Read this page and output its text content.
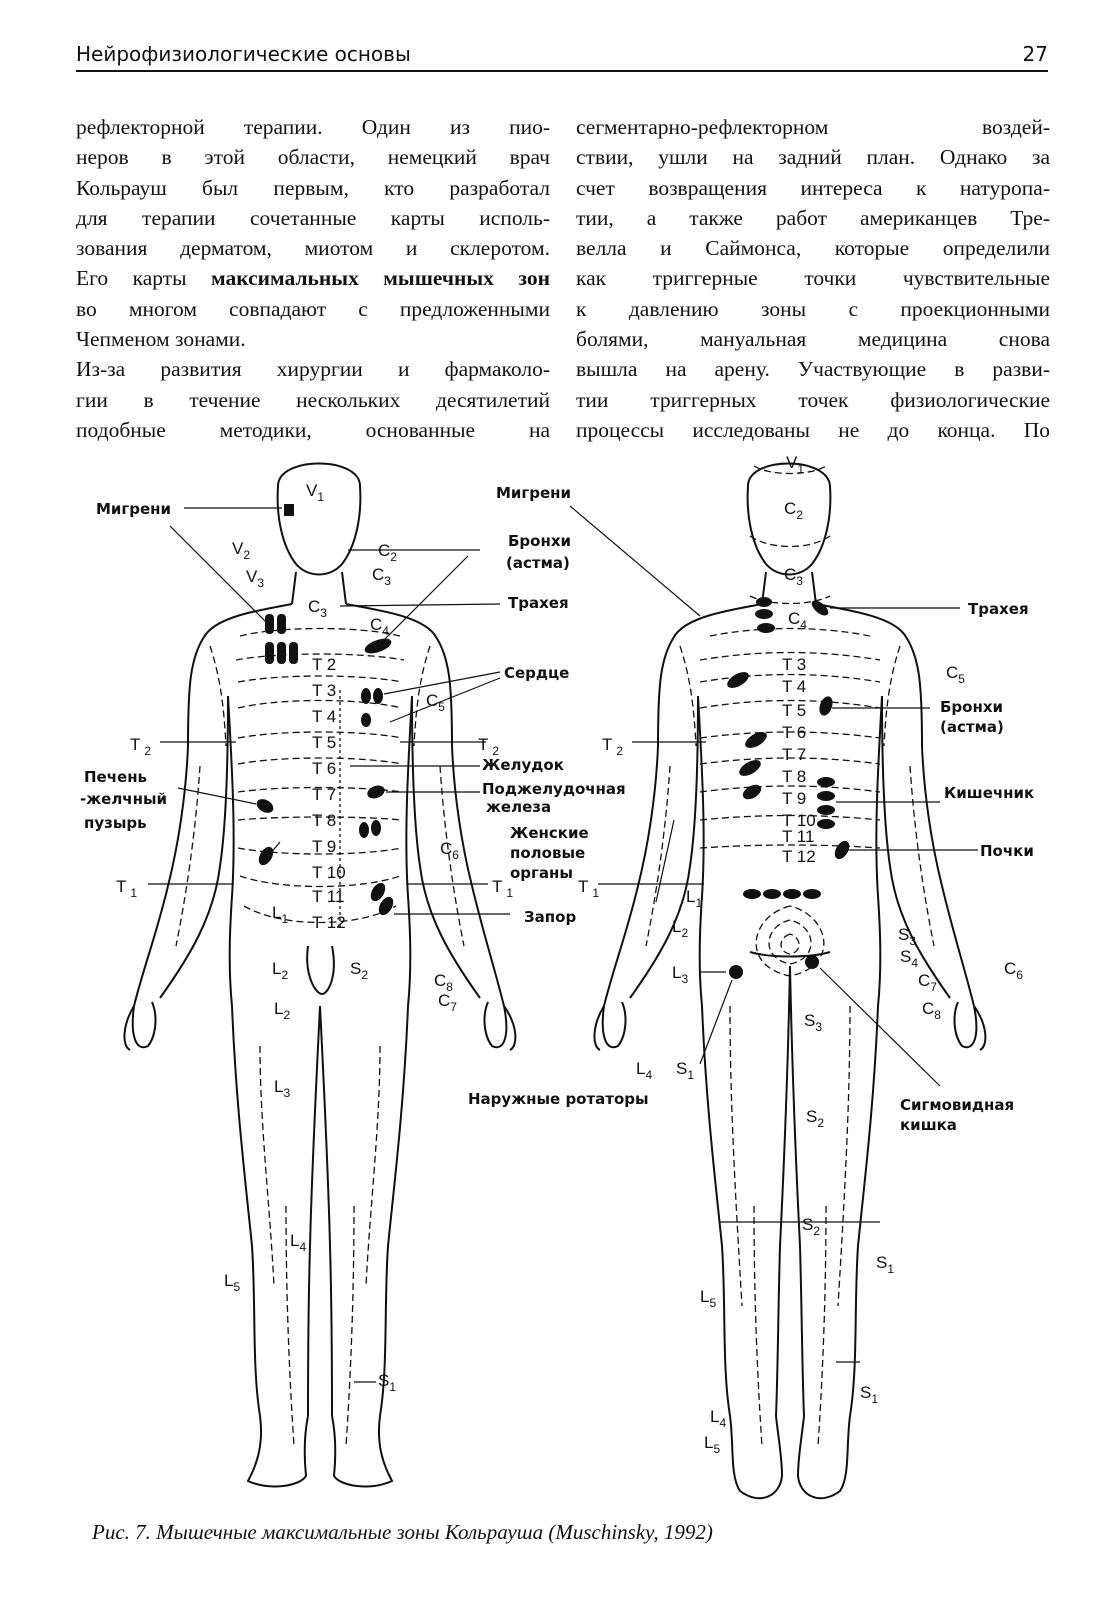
Нейрофизиологические основы	27
рефлекторной терапии. Один из пио-
неров в этой области, немецкий врач
Кольрауш был первым, кто разработал
для терапии сочетанные карты исполь-
зования дерматом, миотом и склеротом.
Его карты максимальных мышечных зон
во многом совпадают с предложенными
Чепменом зонами.
Из-за развития хирургии и фармаколо-
гии в течение нескольких десятилетий
подобные методики, основанные на
сегментарно-рефлекторном воздей-
ствии, ушли на задний план. Однако за
счет возвращения интереса к натуропа-
тии, а также работ американцев Тре-
велла и Саймонса, которые определили
как триггерные точки чувствительные
к давлению зоны с проекционными
болями, мануальная медицина снова
вышла на арену. Участвующие в разви-
тии триггерных точек физиологические
процессы исследованы не до конца. По
Мигрени
Бронхи
(астма)
Трахея
Сердце
Печень
-желчный
пузырь
Желудок
Поджелудочная
железа
Женские
половые
органы
Запор
$V_1$
$V_2$
$V_3$
$C_2$
$C_3$
$C_3$
$C_4$
$C_5$
$C_6$
$C_8$
$C_7$
T $_2$	T $_2$
T $_1$	T $_1$
$L_1$
$L_2$	$S_2$
$L_2$
$L_3$
$L_4$
$L_5$
$S_1$
T 2
T 3
T 4
T 5
T 6
T 7
T 8
T 9
T 10
T 11
T 12
Мигрени
Трахея
Бронхи
(астма)
Кишечник
Почки
Наружные ротаторы	Сигмовидная
кишка
$V_1$
$C_2$
$C_3$
$C_4$
$C_5$
$C_6$
$C_7$
$C_8$
T $_2$
T $_1$	$L_1$
$L_2$
$L_3$
$L_4$ $S_1$
$S_3$
$S_4$
$S_3$
$S_2$
$S_2$
$S_1$
$L_5$
$S_1$
$L_4$
$L_5$
T 3
T 4
T 5
T 6
T 7
T 8
T 9
T 10
T 11
T 12
Рис. 7. Мышечные максимальные зоны Кольрауша (Muschinsky, 1992)
